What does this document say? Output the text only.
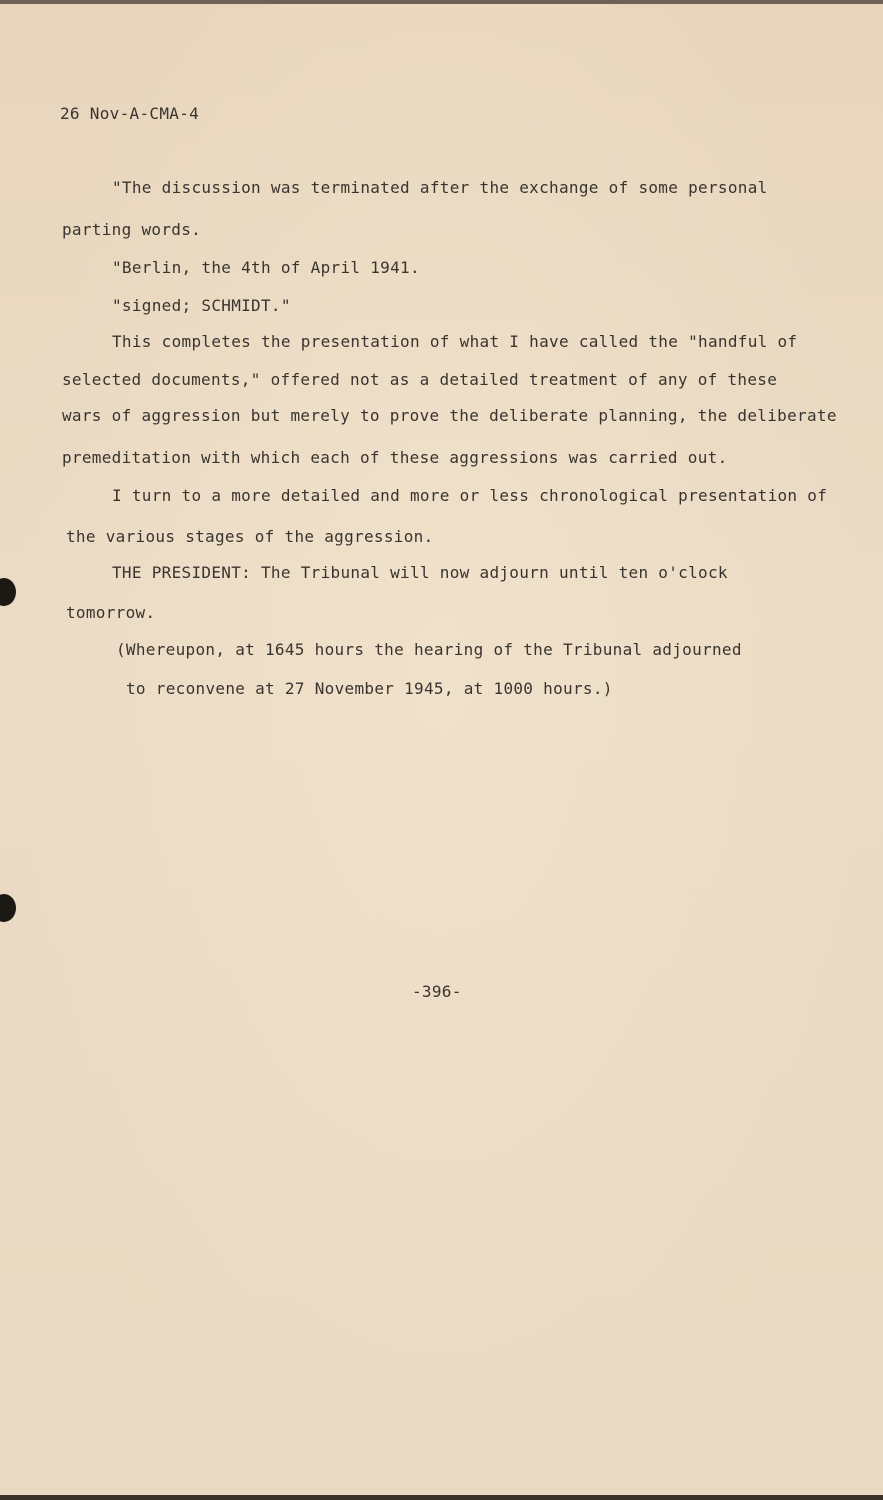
26 Nov-A-CMA-4
"The discussion was terminated after the exchange of some personal
parting words.
"Berlin, the 4th of April 1941.
"signed; SCHMIDT."
This completes the presentation of what I have called the "handful of
selected documents," offered not as a detailed treatment of any of these
wars of aggression but merely to prove the deliberate planning, the deliberate
premeditation with which each of these aggressions was carried out.
I turn to a more detailed and more or less chronological presentation of
the various stages of the aggression.
THE PRESIDENT: The Tribunal will now adjourn until ten o'clock
tomorrow.
(Whereupon, at 1645 hours the hearing of the Tribunal adjourned
to reconvene at 27 November 1945, at 1000 hours.)
-396-
